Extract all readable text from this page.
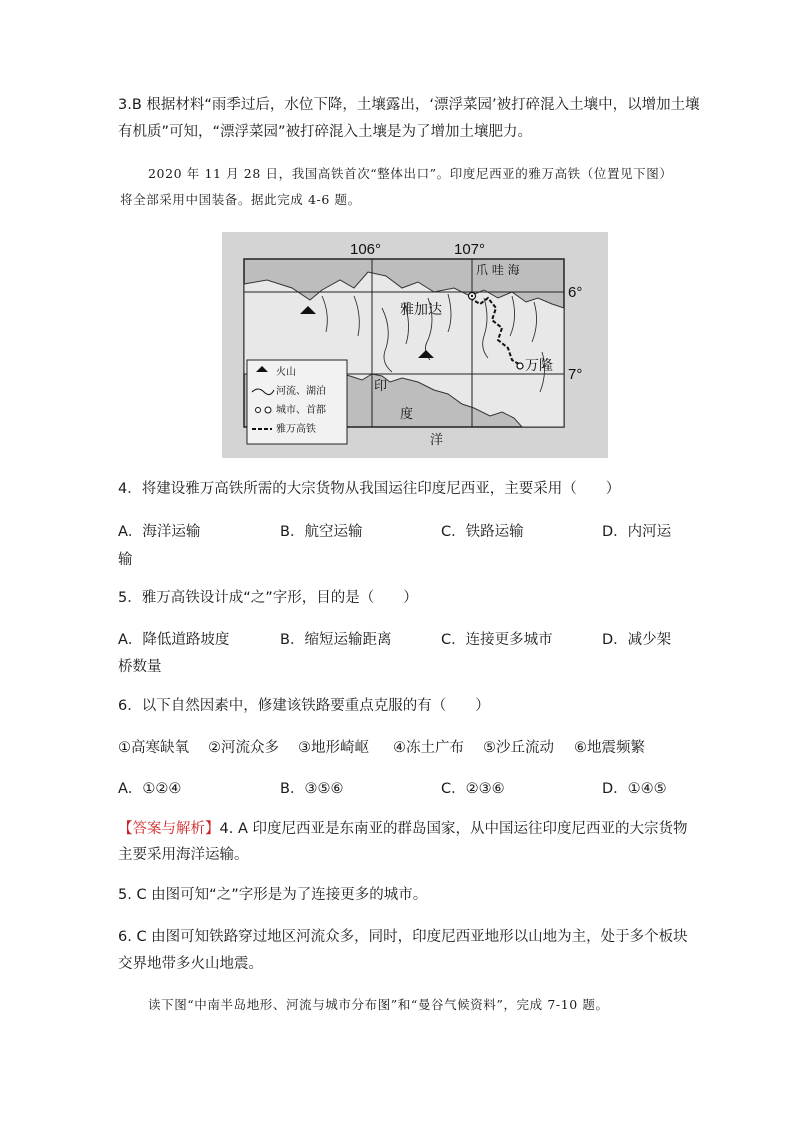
3.B 根据材料“雨季过后，水位下降，土壤露出，‘漂浮菜园’被打碎混入土壤中，以增加土壤
有机质”可知，“漂浮菜园”被打碎混入土壤是为了增加土壤肥力。
2020 年 11 月 28 日，我国高铁首次“整体出口”。印度尼西亚的雅万高铁（位置见下图）
将全部采用中国装备。据此完成 4-6 题。
106°	107°
6°
7°
爪 哇 海
雅加达
万隆
印
度
洋
火山
河流、湖泊
城市、首都
雅万高铁
4．将建设雅万高铁所需的大宗货物从我国运往印度尼西亚，主要采用（　　）
A．海洋运输	B．航空运输	C．铁路运输	D．内河运
输
5．雅万高铁设计成“之”字形，目的是（　　）
A．降低道路坡度	B．缩短运输距离	C．连接更多城市	D．减少架
桥数量
6．以下自然因素中，修建该铁路要重点克服的有（　　）
①高寒缺氧 ②河流众多 ③地形崎岖 ④冻土广布 ⑤沙丘流动 ⑥地震频繁
A．①②④	B．③⑤⑥	C．②③⑥	D．①④⑤
【答案与解析】4. A 印度尼西亚是东南亚的群岛国家，从中国运往印度尼西亚的大宗货物
主要采用海洋运输。
5. C 由图可知“之”字形是为了连接更多的城市。
6. C 由图可知铁路穿过地区河流众多，同时，印度尼西亚地形以山地为主，处于多个板块
交界地带多火山地震。
读下图“中南半岛地形、河流与城市分布图”和“曼谷气候资料”，完成 7-10 题。
